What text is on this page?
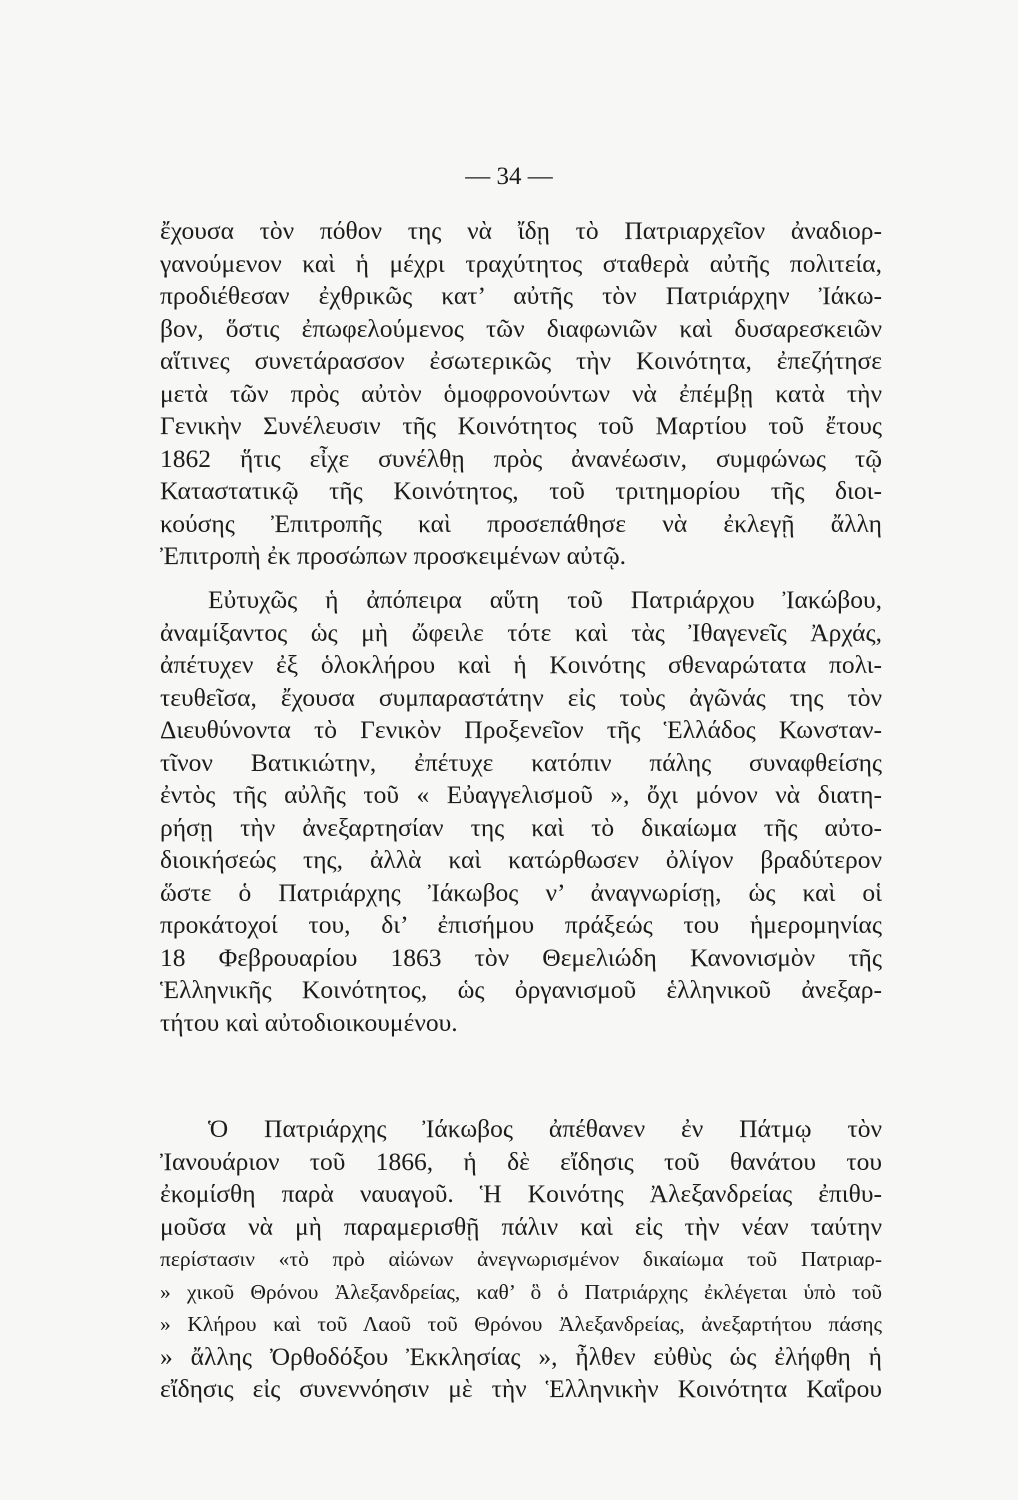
— 34 —
ἔχουσα τὸν πόθον της νὰ ἴδῃ τὸ Πατριαρχεῖον ἀναδιορ-
γανούμενον καὶ ἡ μέχρι τραχύτητος σταθερὰ αὐτῆς πολιτεία,
προδιέθεσαν ἐχθρικῶς κατ’ αὐτῆς τὸν Πατριάρχην Ἰάκω-
βον, ὅστις ἐπωφελούμενος τῶν διαφωνιῶν καὶ δυσαρεσκειῶν
αἵτινες συνετάρασσον ἐσωτερικῶς τὴν Κοινότητα, ἐπεζήτησε
μετὰ τῶν πρὸς αὐτὸν ὁμοφρονούντων νὰ ἐπέμβῃ κατὰ τὴν
Γενικὴν Συνέλευσιν τῆς Κοινότητος τοῦ Μαρτίου τοῦ ἔτους
1862 ἥτις εἶχε συνέλθῃ πρὸς ἀνανέωσιν, συμφώνως τῷ
Καταστατικῷ τῆς Κοινότητος, τοῦ τριτημορίου τῆς διοι-
κούσης Ἐπιτροπῆς καὶ προσεπάθησε νὰ ἐκλεγῇ ἄλλη
Ἐπιτροπὴ ἐκ προσώπων προσκειμένων αὐτῷ.
Εὐτυχῶς ἡ ἀπόπειρα αὕτη τοῦ Πατριάρχου Ἰακώβου,
ἀναμίξαντος ὡς μὴ ὤφειλε τότε καὶ τὰς Ἰθαγενεῖς Ἀρχάς,
ἀπέτυχεν ἐξ ὁλοκλήρου καὶ ἡ Κοινότης σθεναρώτατα πολι-
τευθεῖσα, ἔχουσα συμπαραστάτην εἰς τοὺς ἀγῶνάς της τὸν
Διευθύνοντα τὸ Γενικὸν Προξενεῖον τῆς Ἑλλάδος Κωνσταν-
τῖνον Βατικιώτην, ἐπέτυχε κατόπιν πάλης συναφθείσης
ἐντὸς τῆς αὐλῆς τοῦ « Εὐαγγελισμοῦ », ὄχι μόνον νὰ διατη-
ρήσῃ τὴν ἀνεξαρτησίαν της καὶ τὸ δικαίωμα τῆς αὐτο-
διοικήσεώς της, ἀλλὰ καὶ κατώρθωσεν ὀλίγον βραδύτερον
ὥστε ὁ Πατριάρχης Ἰάκωβος ν’ ἀναγνωρίσῃ, ὡς καὶ οἱ
προκάτοχοί του, δι’ ἐπισήμου πράξεώς του ἡμερομηνίας
18 Φεβρουαρίου 1863 τὸν Θεμελιώδη Κανονισμὸν τῆς
Ἑλληνικῆς Κοινότητος, ὡς ὀργανισμοῦ ἑλληνικοῦ ἀνεξαρ-
τήτου καὶ αὐτοδιοικουμένου.
Ὁ Πατριάρχης Ἰάκωβος ἀπέθανεν ἐν Πάτμῳ τὸν
Ἰανουάριον τοῦ 1866, ἡ δὲ εἴδησις τοῦ θανάτου του
ἐκομίσθη παρὰ ναυαγοῦ. Ἡ Κοινότης Ἀλεξανδρείας ἐπιθυ-
μοῦσα νὰ μὴ παραμερισθῇ πάλιν καὶ εἰς τὴν νέαν ταύτην
περίστασιν «τὸ πρὸ αἰώνων ἀνεγνωρισμένον δικαίωμα τοῦ Πατριαρ-
» χικοῦ Θρόνου Ἀλεξανδρείας, καθ’ ὃ ὁ Πατριάρχης ἐκλέγεται ὑπὸ τοῦ
» Κλήρου καὶ τοῦ Λαοῦ τοῦ Θρόνου Ἀλεξανδρείας, ἀνεξαρτήτου πάσης
» ἄλλης Ὀρθοδόξου Ἐκκλησίας », ἦλθεν εὐθὺς ὡς ἐλήφθη ἡ
εἴδησις εἰς συνεννόησιν μὲ τὴν Ἑλληνικὴν Κοινότητα Καΐρου
